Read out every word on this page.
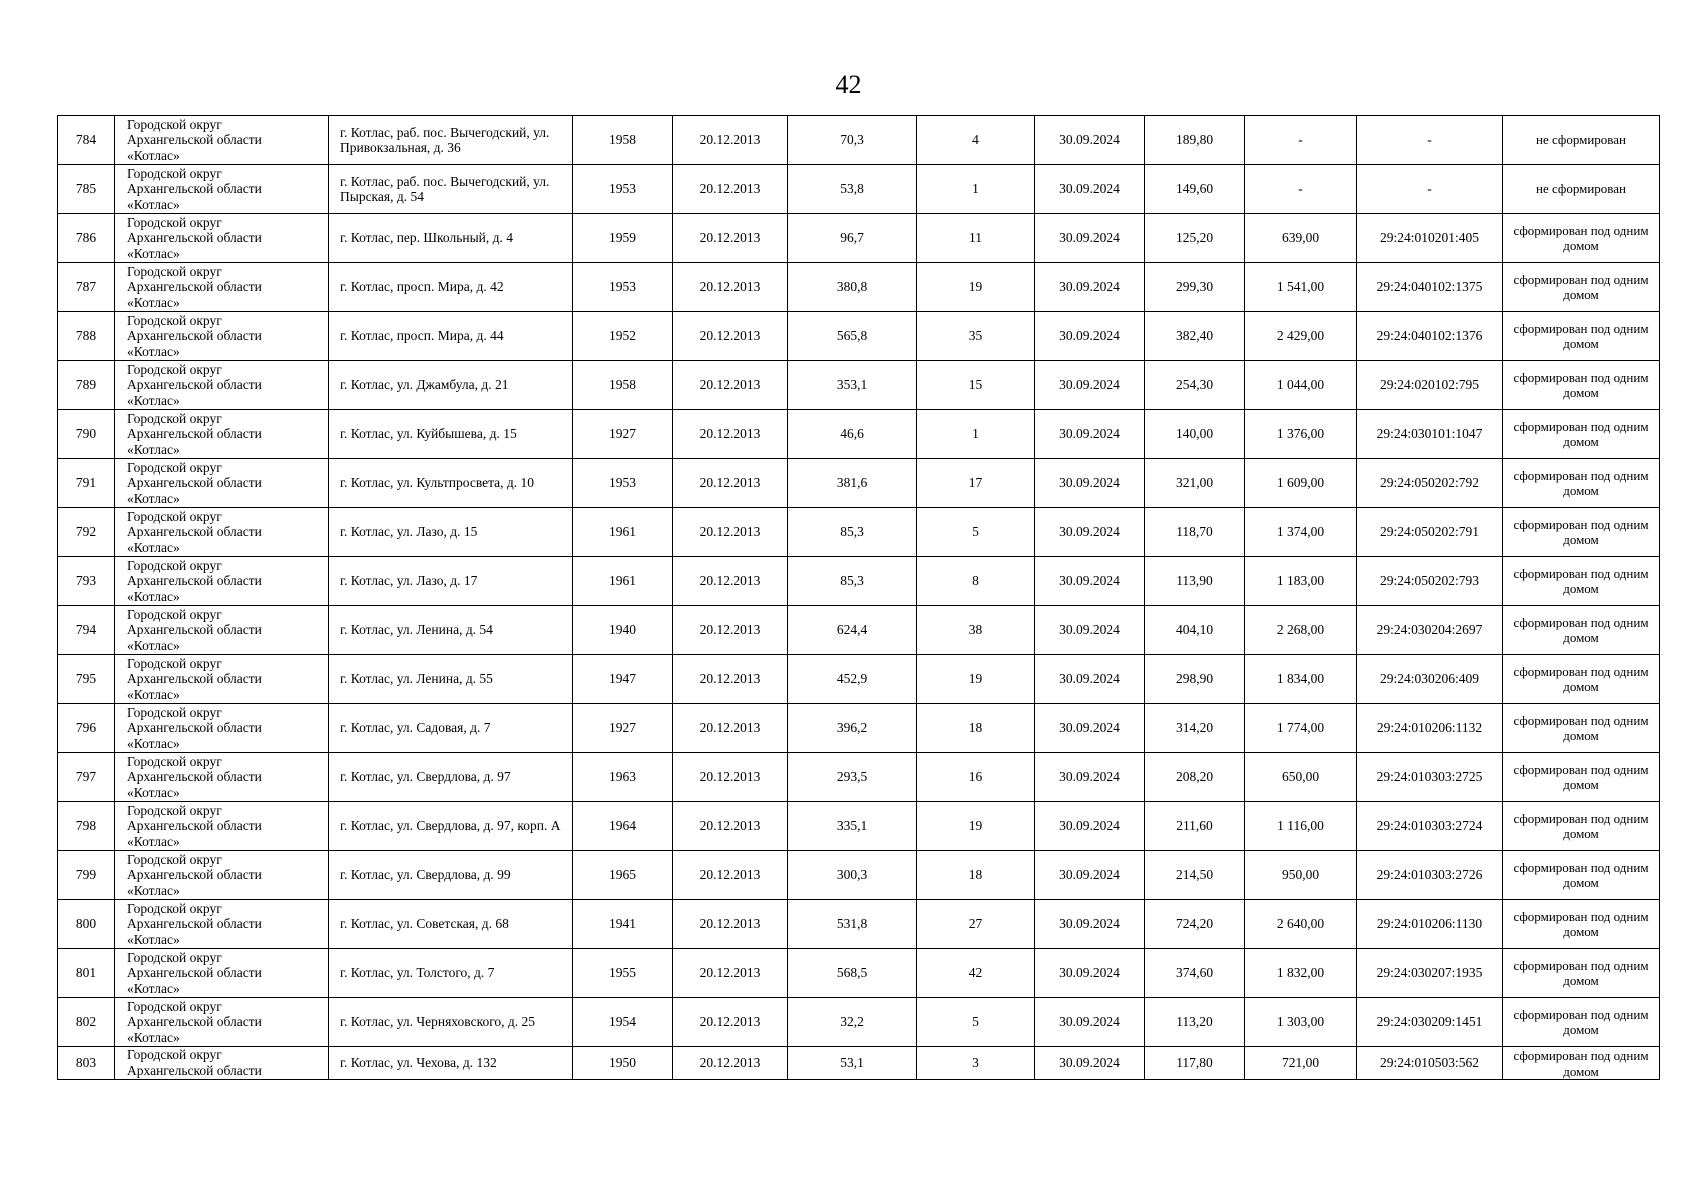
42
784	Городской округ
Архангельской области
«Котлас»	г. Котлас, раб. пос. Вычегодский, ул. Привокзальная, д. 36	1958	20.12.2013	70,3	4	30.09.2024	189,80	-	-	не сформирован
785	Городской округ
Архангельской области
«Котлас»	г. Котлас, раб. пос. Вычегодский, ул. Пырская, д. 54	1953	20.12.2013	53,8	1	30.09.2024	149,60	-	-	не сформирован
786	Городской округ
Архангельской области
«Котлас»	г. Котлас, пер. Школьный, д. 4	1959	20.12.2013	96,7	11	30.09.2024	125,20	639,00	29:24:010201:405	сформирован под одним домом
787	Городской округ
Архангельской области
«Котлас»	г. Котлас, просп. Мира, д. 42	1953	20.12.2013	380,8	19	30.09.2024	299,30	1 541,00	29:24:040102:1375	сформирован под одним домом
788	Городской округ
Архангельской области
«Котлас»	г. Котлас, просп. Мира, д. 44	1952	20.12.2013	565,8	35	30.09.2024	382,40	2 429,00	29:24:040102:1376	сформирован под одним домом
789	Городской округ
Архангельской области
«Котлас»	г. Котлас, ул. Джамбула, д. 21	1958	20.12.2013	353,1	15	30.09.2024	254,30	1 044,00	29:24:020102:795	сформирован под одним домом
790	Городской округ
Архангельской области
«Котлас»	г. Котлас, ул. Куйбышева, д. 15	1927	20.12.2013	46,6	1	30.09.2024	140,00	1 376,00	29:24:030101:1047	сформирован под одним домом
791	Городской округ
Архангельской области
«Котлас»	г. Котлас, ул. Культпросвета, д. 10	1953	20.12.2013	381,6	17	30.09.2024	321,00	1 609,00	29:24:050202:792	сформирован под одним домом
792	Городской округ
Архангельской области
«Котлас»	г. Котлас, ул. Лазо, д. 15	1961	20.12.2013	85,3	5	30.09.2024	118,70	1 374,00	29:24:050202:791	сформирован под одним домом
793	Городской округ
Архангельской области
«Котлас»	г. Котлас, ул. Лазо, д. 17	1961	20.12.2013	85,3	8	30.09.2024	113,90	1 183,00	29:24:050202:793	сформирован под одним домом
794	Городской округ
Архангельской области
«Котлас»	г. Котлас, ул. Ленина, д. 54	1940	20.12.2013	624,4	38	30.09.2024	404,10	2 268,00	29:24:030204:2697	сформирован под одним домом
795	Городской округ
Архангельской области
«Котлас»	г. Котлас, ул. Ленина, д. 55	1947	20.12.2013	452,9	19	30.09.2024	298,90	1 834,00	29:24:030206:409	сформирован под одним домом
796	Городской округ
Архангельской области
«Котлас»	г. Котлас, ул. Садовая, д. 7	1927	20.12.2013	396,2	18	30.09.2024	314,20	1 774,00	29:24:010206:1132	сформирован под одним домом
797	Городской округ
Архангельской области
«Котлас»	г. Котлас, ул. Свердлова, д. 97	1963	20.12.2013	293,5	16	30.09.2024	208,20	650,00	29:24:010303:2725	сформирован под одним домом
798	Городской округ
Архангельской области
«Котлас»	г. Котлас, ул. Свердлова, д. 97, корп. А	1964	20.12.2013	335,1	19	30.09.2024	211,60	1 116,00	29:24:010303:2724	сформирован под одним домом
799	Городской округ
Архангельской области
«Котлас»	г. Котлас, ул. Свердлова, д. 99	1965	20.12.2013	300,3	18	30.09.2024	214,50	950,00	29:24:010303:2726	сформирован под одним домом
800	Городской округ
Архангельской области
«Котлас»	г. Котлас, ул. Советская, д. 68	1941	20.12.2013	531,8	27	30.09.2024	724,20	2 640,00	29:24:010206:1130	сформирован под одним домом
801	Городской округ
Архангельской области
«Котлас»	г. Котлас, ул. Толстого, д. 7	1955	20.12.2013	568,5	42	30.09.2024	374,60	1 832,00	29:24:030207:1935	сформирован под одним домом
802	Городской округ
Архангельской области
«Котлас»	г. Котлас, ул. Черняховского, д. 25	1954	20.12.2013	32,2	5	30.09.2024	113,20	1 303,00	29:24:030209:1451	сформирован под одним домом
803	Городской округ
Архангельской области	г. Котлас, ул. Чехова, д. 132	1950	20.12.2013	53,1	3	30.09.2024	117,80	721,00	29:24:010503:562	сформирован под одним домом
